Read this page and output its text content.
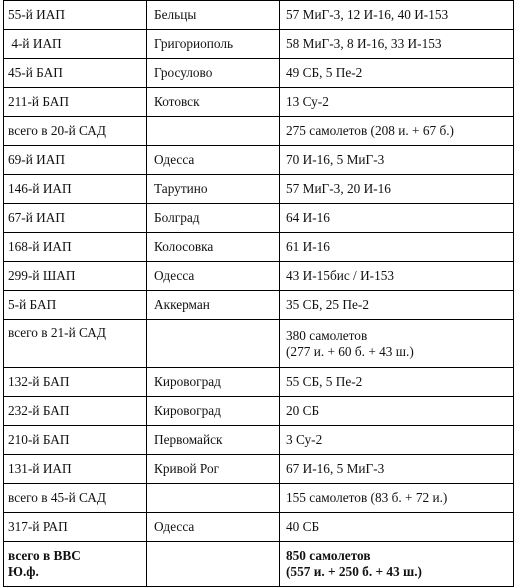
55-й ИАП	Бельцы	57 МиГ-3, 12 И-16, 40 И-153
4-й ИАП	Григориополь	58 МиГ-3, 8 И-16, 33 И-153
45-й БАП	Гросулово	49 СБ, 5 Пе-2
211-й БАП	Котовск	13 Су-2
всего в 20-й САД		275 самолетов (208 и. + 67 б.)
69-й ИАП	Одесса	70 И-16, 5 МиГ-3
146-й ИАП	Тарутино	57 МиГ-3, 20 И-16
67-й ИАП	Болград	64 И-16
168-й ИАП	Колосовка	61 И-16
299-й ШАП	Одесса	43 И-15бис / И-153
5-й БАП	Аккерман	35 СБ, 25 Пе-2
всего в 21-й САД		380 самолетов
(277 и. + 60 б. + 43 ш.)

132-й БАП	Кировоград	55 СБ, 5 Пе-2
232-й БАП	Кировоград	20 СБ
210-й БАП	Первомайск	3 Су-2
131-й ИАП	Кривой Рог	67 И-16, 5 МиГ-3
всего в 45-й САД		155 самолетов (83 б. + 72 и.)
317-й РАП	Одесса	40 СБ

всего в ВВС
Ю.ф.		850 самолетов
(557 и. + 250 б. + 43 ш.)
